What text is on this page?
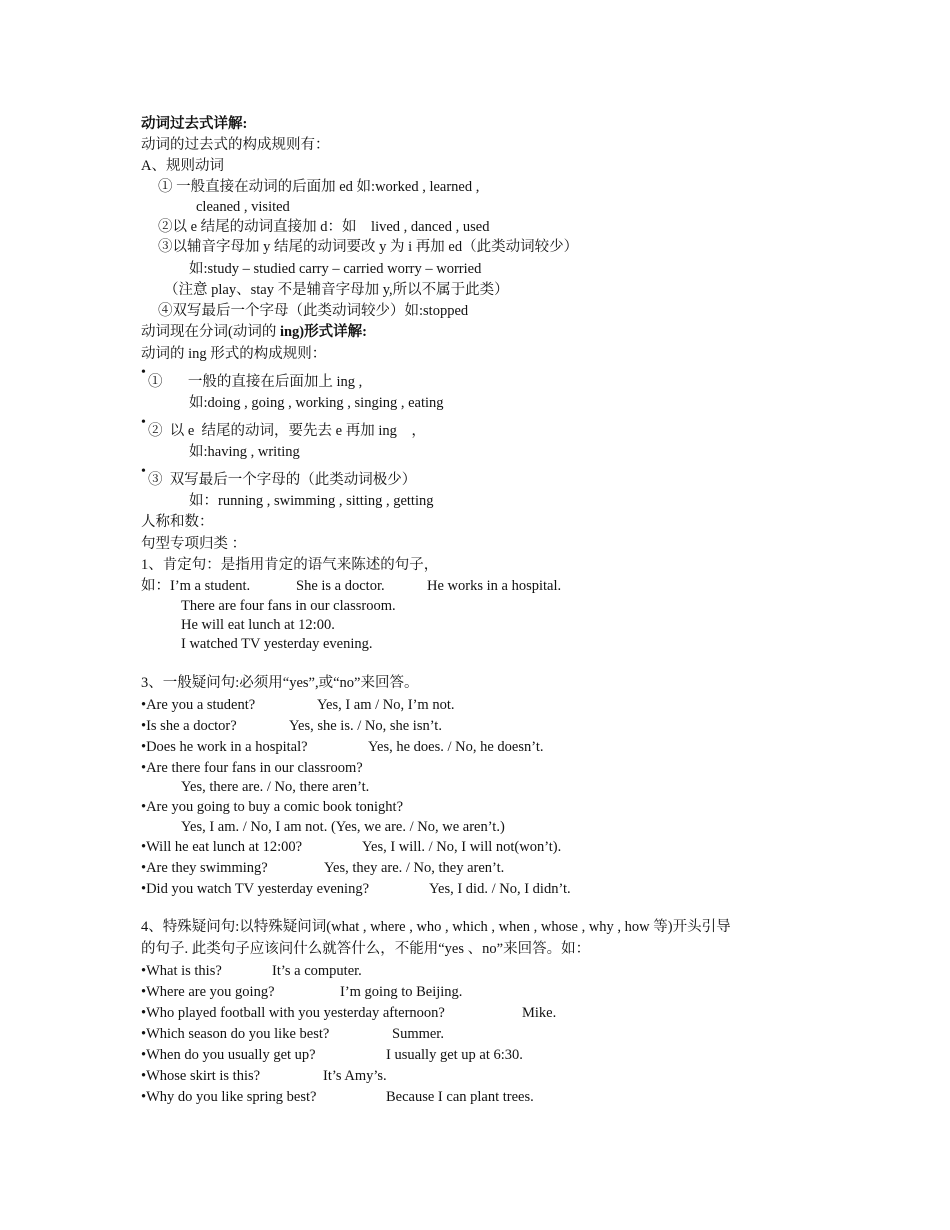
动词过去式详解:
动词的过去式的构成规则有：
A、规则动词
① 一般直接在动词的后面加 ed 如:worked , learned ,
cleaned , visited
②以 e 结尾的动词直接加 d：如    lived , danced , used
③以辅音字母加 y 结尾的动词要改 y 为 i 再加 ed（此类动词较少）
如:study – studied carry – carried worry – worried
（注意 play、stay 不是辅音字母加 y,所以不属于此类）
④双写最后一个字母（此类动词较少）如:stopped
动词现在分词(动词的 ing)形式详解:
动词的 ing 形式的构成规则：
•
①       一般的直接在后面加上 ing ,
如:doing , going , working , singing , eating
•
②  以 e  结尾的动词，要先去 e 再加 ing    ，
如:having , writing
•
③  双写最后一个字母的（此类动词极少）
如：running , swimming , sitting , getting
人称和数：
句型专项归类 ：
1、肯定句：是指用肯定的语气来陈述的句子，
如：I’m a student.	She is a doctor.	He works in a hospital.
There are four fans in our classroom.
He will eat lunch at 12:00.
I watched TV yesterday evening.
3、一般疑问句:必须用“yes”,或“no”来回答。
•Are you a student?	Yes, I am / No, I’m not.
•Is she a doctor?	Yes, she is. / No, she isn’t.
•Does he work in a hospital?	Yes, he does. / No, he doesn’t.
•Are there four fans in our classroom?
Yes, there are. / No, there aren’t.
•Are you going to buy a comic book tonight?
Yes, I am. / No, I am not. (Yes, we are. / No, we aren’t.)
•Will he eat lunch at 12:00?	Yes, I will. / No, I will not(won’t).
•Are they swimming?	Yes, they are. / No, they aren’t.
•Did you watch TV yesterday evening?	Yes, I did. / No, I didn’t.
4、特殊疑问句:以特殊疑问词(what , where , who , which , when , whose , why , how 等)开头引导
的句子. 此类句子应该问什么就答什么，不能用“yes 、no”来回答。如：
•What is this?	It’s a computer.
•Where are you going?	I’m going to Beijing.
•Who played football with you yesterday afternoon?	Mike.
•Which season do you like best?	Summer.
•When do you usually get up?	I usually get up at 6:30.
•Whose skirt is this?	It’s Amy’s.
•Why do you like spring best?	Because I can plant trees.
